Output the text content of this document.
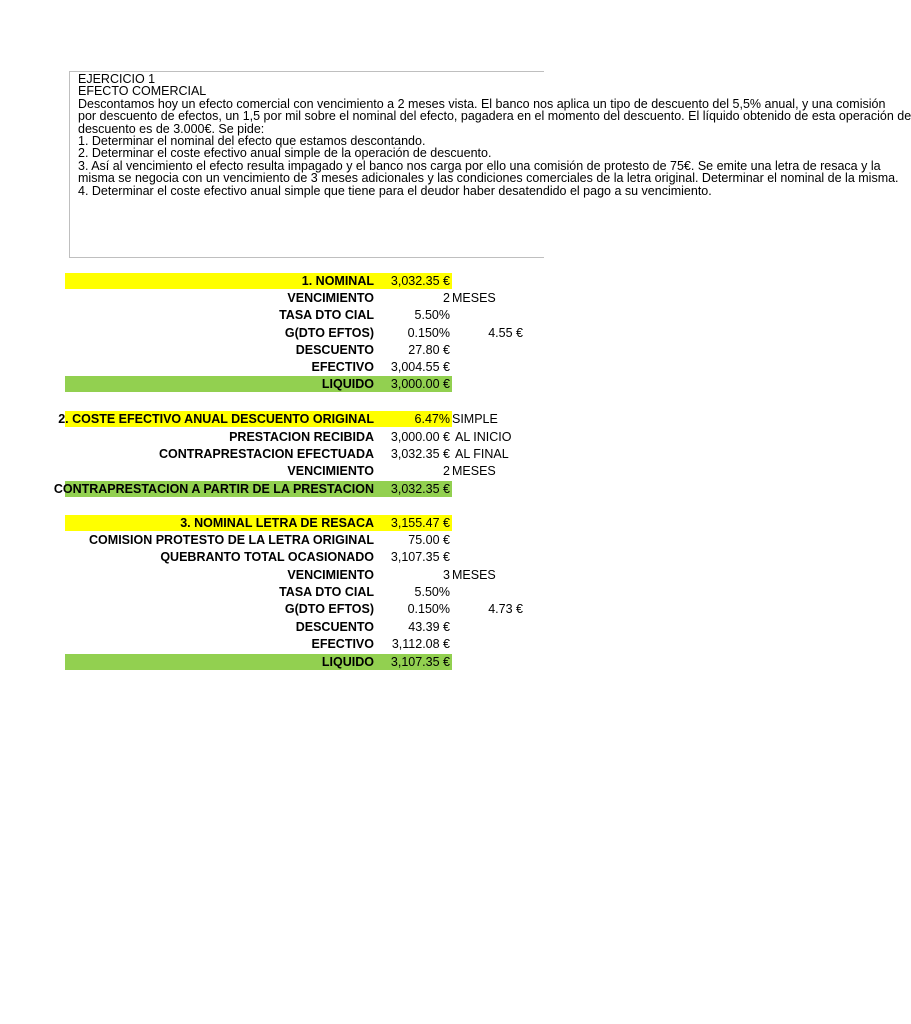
EJERCICIO 1
EFECTO COMERCIAL
Descontamos hoy un efecto comercial con vencimiento a 2 meses vista. El banco nos aplica un tipo de descuento del 5,5% anual, y una comisión
por descuento de efectos, un 1,5 por mil sobre el nominal del efecto, pagadera en el momento del descuento. El líquido obtenido de esta operación de
descuento es de 3.000€. Se pide:
1. Determinar el nominal del efecto que estamos descontando.
2. Determinar el coste efectivo anual simple de la operación de descuento.
3. Así al vencimiento el efecto resulta impagado y el banco nos carga por ello una comisión de protesto de 75€. Se emite una letra de resaca y la
misma se negocia con un vencimiento de 3 meses adicionales y las condiciones comerciales de la letra original. Determinar el nominal de la misma.
4. Determinar el coste efectivo anual simple que tiene para el deudor haber desatendido el pago a su vencimiento.
1. NOMINAL	3,032.35 €
VENCIMIENTO	2 MESES
TASA DTO CIAL	5.50%
G(DTO EFTOS)	0.150%	4.55 €
DESCUENTO	27.80 €
EFECTIVO	3,004.55 €
LIQUIDO	3,000.00 €
2. COSTE EFECTIVO ANUAL DESCUENTO ORIGINAL	6.47% SIMPLE
PRESTACION RECIBIDA	3,000.00 € AL INICIO
CONTRAPRESTACION EFECTUADA	3,032.35 € AL FINAL
VENCIMIENTO	2 MESES
CONTRAPRESTACION A PARTIR DE LA PRESTACION	3,032.35 €
3. NOMINAL LETRA DE RESACA	3,155.47 €
COMISION PROTESTO DE LA LETRA ORIGINAL	75.00 €
QUEBRANTO TOTAL OCASIONADO	3,107.35 €
VENCIMIENTO	3 MESES
TASA DTO CIAL	5.50%
G(DTO EFTOS)	0.150%	4.73 €
DESCUENTO	43.39 €
EFECTIVO	3,112.08 €
LIQUIDO	3,107.35 €
